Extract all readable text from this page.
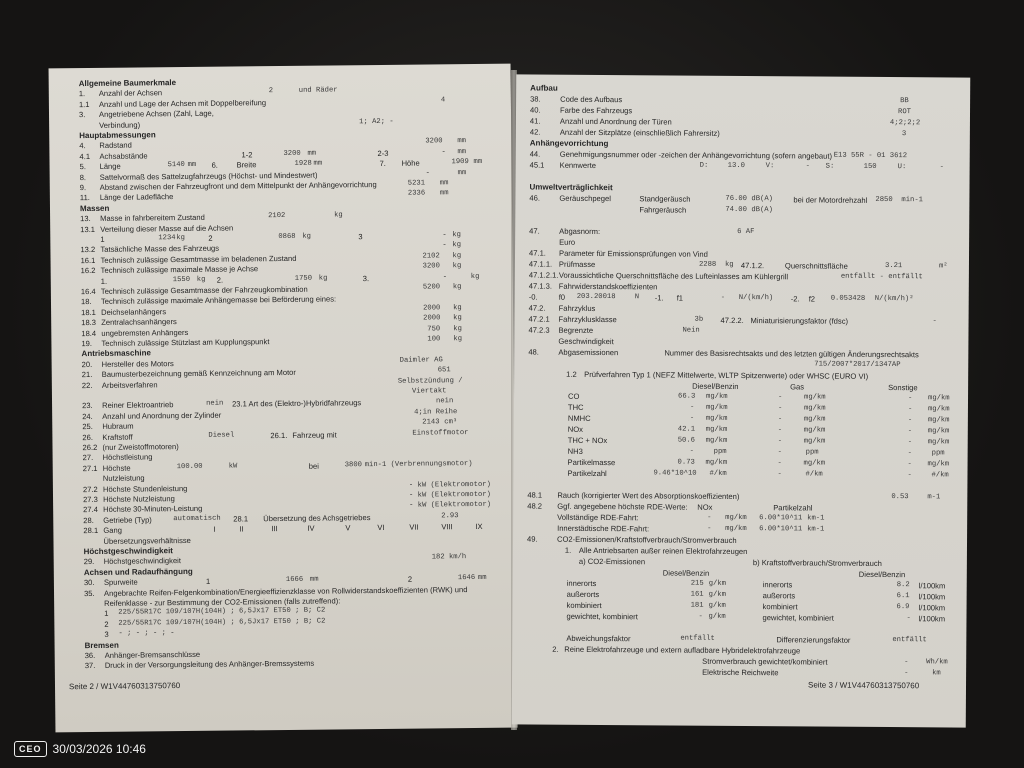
Allgemeine Baumerkmale
1. Anzahl der Achsen	2	und Räder
1.1 Anzahl und Lage der Achsen mit Doppelbereifung	4
3. Angetriebene Achsen (Zahl, Lage,
Verbindung)	1; A2; -
Hauptabmessungen
4. Radstand	3200 mm
4.1 Achsabstände	1-2	3200 mm	2-3	- mm
5. Länge	5140 mm 6. Breite	1928 mm	7. Höhe	1909 mm
8. Sattelvormaß des Sattelzugfahrzeugs (Höchst- und Mindestwert)	-	mm
9. Abstand zwischen der Fahrzeugfront und dem Mittelpunkt der Anhängevorrichtung	5231 mm
11. Länge der Ladefläche	2336 mm
Massen
13. Masse in fahrbereitem Zustand	2102	kg
13.1 Verteilung dieser Masse auf die Achsen
1	1234 kg	2	0868 kg	3	- kg
13.2 Tatsächliche Masse des Fahrzeugs	- kg
16.1 Technisch zulässige Gesamtmasse im beladenen Zustand	2102 kg
16.2 Technisch zulässige maximale Masse je Achse	3200 kg
1.	1550 kg 2.	1750 kg	3.	-	kg
16.4 Technisch zulässige Gesamtmasse der Fahrzeugkombination	5200 kg
18. Technisch zulässige maximale Anhängemasse bei Beförderung eines:
18.1 Deichselanhängers	2000 kg
18.3 Zentralachsanhängers	2000 kg
18.4 ungebremsten Anhängers	750 kg
19. Technisch zulässige Stützlast am Kupplungspunkt	100 kg
Antriebsmaschine
20. Hersteller des Motors	Daimler AG
21. Baumusterbezeichnung gemäß Kennzeichnung am Motor	651
22. Arbeitsverfahren	Selbstzündung /
Viertakt
23. Reiner Elektroantrieb	nein 23.1 Art des (Elektro-)Hybridfahrzeugs	nein
24. Anzahl und Anordnung der Zylinder	4;in Reihe
25. Hubraum	2143 cm³
26. Kraftstoff	Diesel	26.1. Fahrzeug mit	Einstoffmotor
26.2 (nur Zweistoffmotoren)
27. Höchstleistung
27.1 Höchste	100.00	kW	bei	3800 min-1 (Verbrennungsmotor)
Nutzleistung
27.2 Höchste Stundenleistung	- kW (Elektromotor)
27.3 Höchste Nutzleistung	- kW (Elektromotor)
27.4 Höchste 30-Minuten-Leistung	- kW (Elektromotor)
28. Getriebe (Typ)	automatisch 28.1 Übersetzung des Achsgetriebes	2.93
28.1 Gang	I	II	III	IV	V	VI	VII	VIII	IX
Übersetzungsverhältnisse
Höchstgeschwindigkeit
29. Höchstgeschwindigkeit	182 km/h
Achsen und Radaufhängung
30. Spurweite	1	1666 mm	2	1646 mm
35. Angebrachte Reifen-Felgenkombination/Energieeffizienzklasse von Rollwiderstandskoeffizienten (RWK) und
Reifenklasse - zur Bestimmung der CO2-Emissionen (falls zutreffend):
1 225/55R17C 109/107H(104H) ; 6,5Jx17 ET50 ; B; C2
2 225/55R17C 109/107H(104H) ; 6,5Jx17 ET50 ; B; C2
3 - ; - ; - ; -
Bremsen
36. Anhänger-Bremsanschlüsse
37. Druck in der Versorgungsleitung des Anhänger-Bremssystems
Seite 2 / W1V44760313750760
Aufbau
38.	Code des Aufbaus	BB
40.	Farbe des Fahrzeugs	ROT
41.	Anzahl und Anordnung der Türen	4;2;2;2
42.	Anzahl der Sitzplätze (einschließlich Fahrersitz)	3
Anhängevorrichtung
44.	Genehmigungsnummer oder -zeichen der Anhängevorrichtung (sofern angebaut) E13 55R - 01 3612
45.1 Kennwerte	D:	13.0	V:	- S:	150	U:	-
Umweltverträglichkeit
46.	Geräuschpegel	Standgeräusch	76.00 dB(A)	bei der Motordrehzahl 2850 min-1
Fahrgeräusch	74.00 dB(A)
47.	Abgasnorm:	6 AF
Euro
47.1. Parameter für Emissionsprüfungen von Vind
47.1.1. Prüfmasse	2288 kg 47.1.2.	Querschnittsfläche	3.21	m²
47.1.2.1. Voraussichtliche Querschnittsfläche des Lufteinlasses am Kühlergrill	entfällt - entfällt
47.1.3. Fahrwiderstandskoeffizienten
-0.	f0 203.20018	N -1. f1	- N/(km/h) -2. f2 0.053428 N/(km/h)²
47.2. Fahrzyklus
47.2.1 Fahrzyklusklasse	3b 47.2.2. Miniaturisierungsfaktor (fdsc)	-
47.2.3 Begrenzte	Nein
Geschwindigkeit
48.	Abgasemissionen	Nummer des Basisrechtsakts und des letzten gültigen Änderungsrechtsakts
715/2007*2017/1347AP
1.2 Prüfverfahren Typ 1 (NEFZ Mittelwerte, WLTP Spitzenwerte) oder WHSC (EURO VI)
Diesel/Benzin	Gas	Sonstige
CO	66.3 mg/km	-	mg/km	- mg/km
THC	- mg/km	-	mg/km	- mg/km
NMHC	- mg/km	-	mg/km	- mg/km
NOx	42.1 mg/km	-	mg/km	- mg/km
THC + NOx	50.6 mg/km	-	mg/km	- mg/km
NH3	-	ppm	-	ppm	-	ppm
Partikelmasse	0.73 mg/km	-	mg/km	- mg/km
Partikelzahl	9.46*10^10 #/km	-	#/km	-	#/km
48.1 Rauch (korrigierter Wert des Absorptionskoeffizienten)	0.53	m-1
48.2 Ggf. angegebene höchste RDE-Werte: NOx	Partikelzahl
Vollständige RDE-Fahrt:	- mg/km 6.00*10^11 km-1
Innerstädtische RDE-Fahrt:	- mg/km 6.00*10^11 km-1
49.	CO2-Emissionen/Kraftstoffverbrauch/Stromverbrauch
1. Alle Antriebsarten außer reinen Elektrofahrzeugen
a) CO2-Emissionen	b) Kraftstoffverbrauch/Stromverbrauch
Diesel/Benzin	Diesel/Benzin
innerorts	215 g/km	innerorts	8.2 l/100km
außerorts	161 g/km	außerorts	6.1 l/100km
kombiniert	181 g/km	kombiniert	6.9 l/100km
gewichtet, kombiniert	- g/km	gewichtet, kombiniert	- l/100km
Abweichungsfaktor	entfällt	Differenzierungsfaktor	entfällt
2. Reine Elektrofahrzeuge und extern aufladbare Hybridelektrofahrzeuge
Stromverbrauch gewichtet/kombiniert	- Wh/km
Elektrische Reichweite	-	km
Seite 3 / W1V44760313750760
CEO 30/03/2026 10:46
